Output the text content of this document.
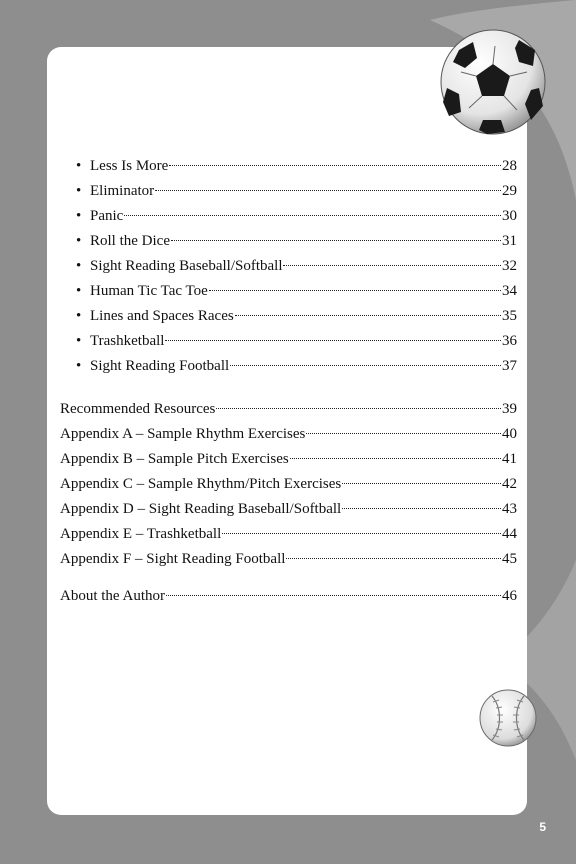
• Less Is More	28
• Eliminator	29
• Panic	30
• Roll the Dice	31
• Sight Reading Baseball/Softball	32
• Human Tic Tac Toe	34
• Lines and Spaces Races	35
• Trashketball	36
• Sight Reading Football	37
Recommended Resources	39
Appendix A – Sample Rhythm Exercises	40
Appendix B – Sample Pitch Exercises	41
Appendix C – Sample Rhythm/Pitch Exercises	42
Appendix D – Sight Reading Baseball/Softball	43
Appendix E – Trashketball	44
Appendix F – Sight Reading Football	45
About the Author	46
5
